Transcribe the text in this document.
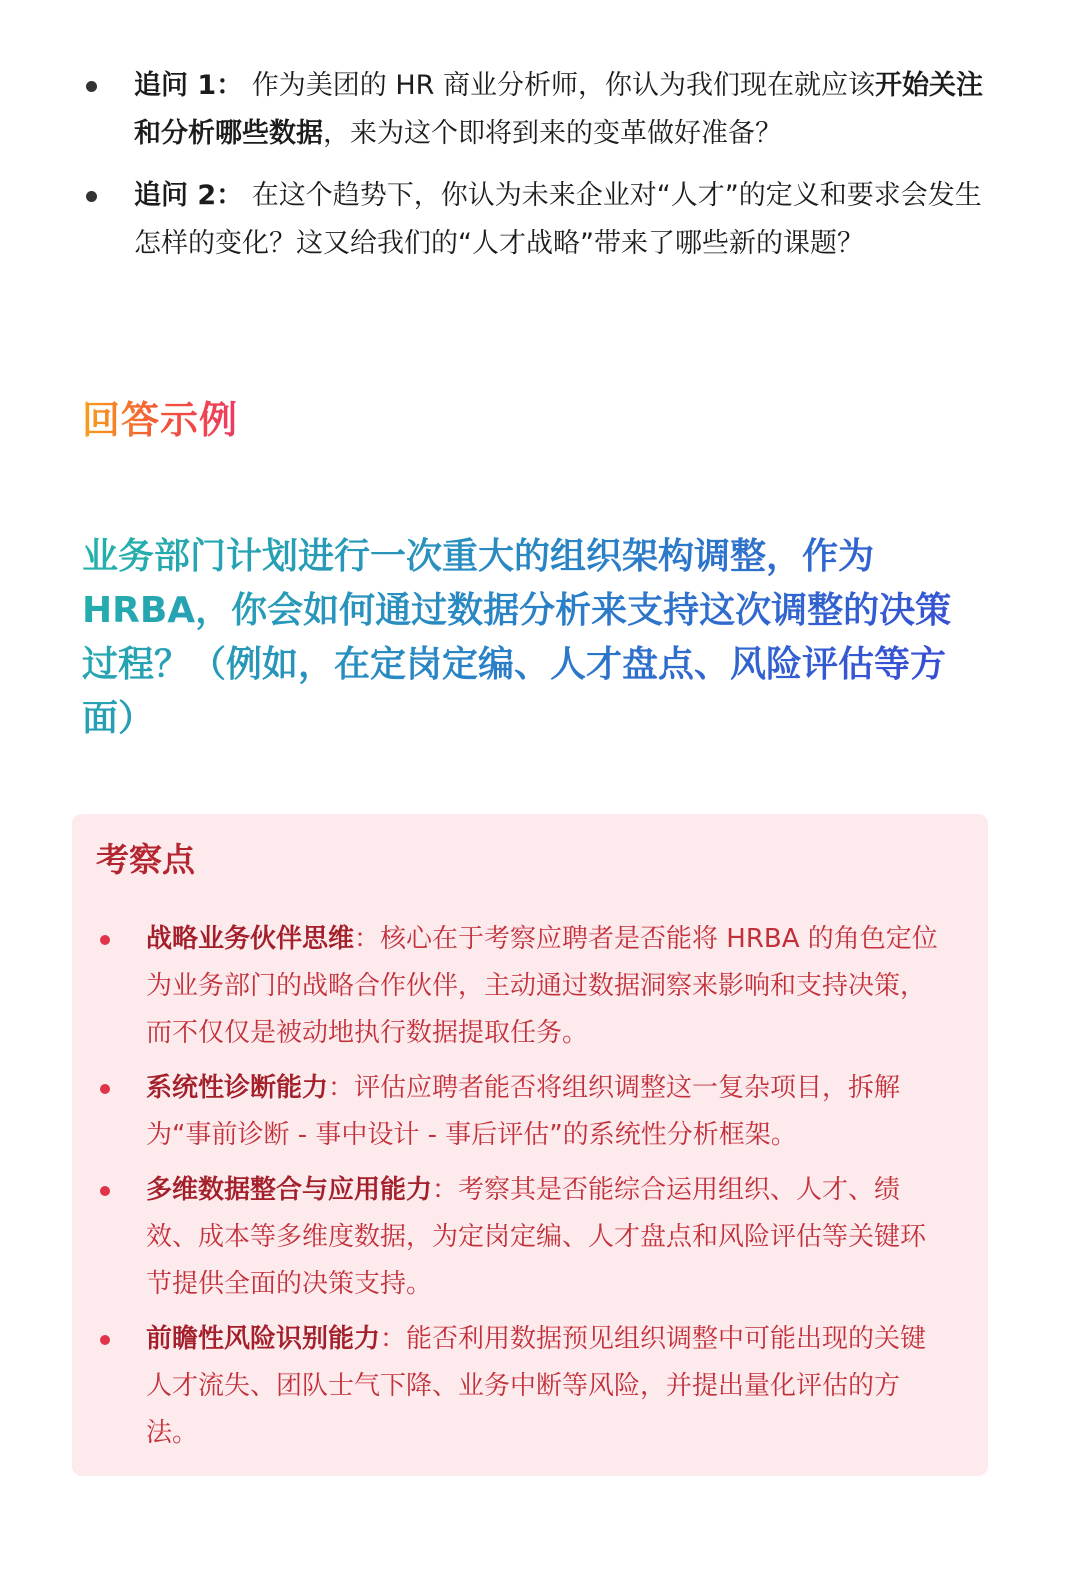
追问 1： 作为美团的 HR 商业分析师，你认为我们现在就应该开始关注和分析哪些数据，来为这个即将到来的变革做好准备？
追问 2： 在这个趋势下，你认为未来企业对“人才”的定义和要求会发生怎样的变化？这又给我们的“人才战略”带来了哪些新的课题？
回答示例
业务部门计划进行一次重大的组织架构调整，作为 HRBA，你会如何通过数据分析来支持这次调整的决策过程？（例如，在定岗定编、人才盘点、风险评估等方面）
考察点
战略业务伙伴思维：核心在于考察应聘者是否能将 HRBA 的角色定位为业务部门的战略合作伙伴，主动通过数据洞察来影响和支持决策，而不仅仅是被动地执行数据提取任务。
系统性诊断能力：评估应聘者能否将组织调整这一复杂项目，拆解为“事前诊断 - 事中设计 - 事后评估”的系统性分析框架。
多维数据整合与应用能力：考察其是否能综合运用组织、人才、绩效、成本等多维度数据，为定岗定编、人才盘点和风险评估等关键环节提供全面的决策支持。
前瞻性风险识别能力：能否利用数据预见组织调整中可能出现的关键人才流失、团队士气下降、业务中断等风险，并提出量化评估的方法。
